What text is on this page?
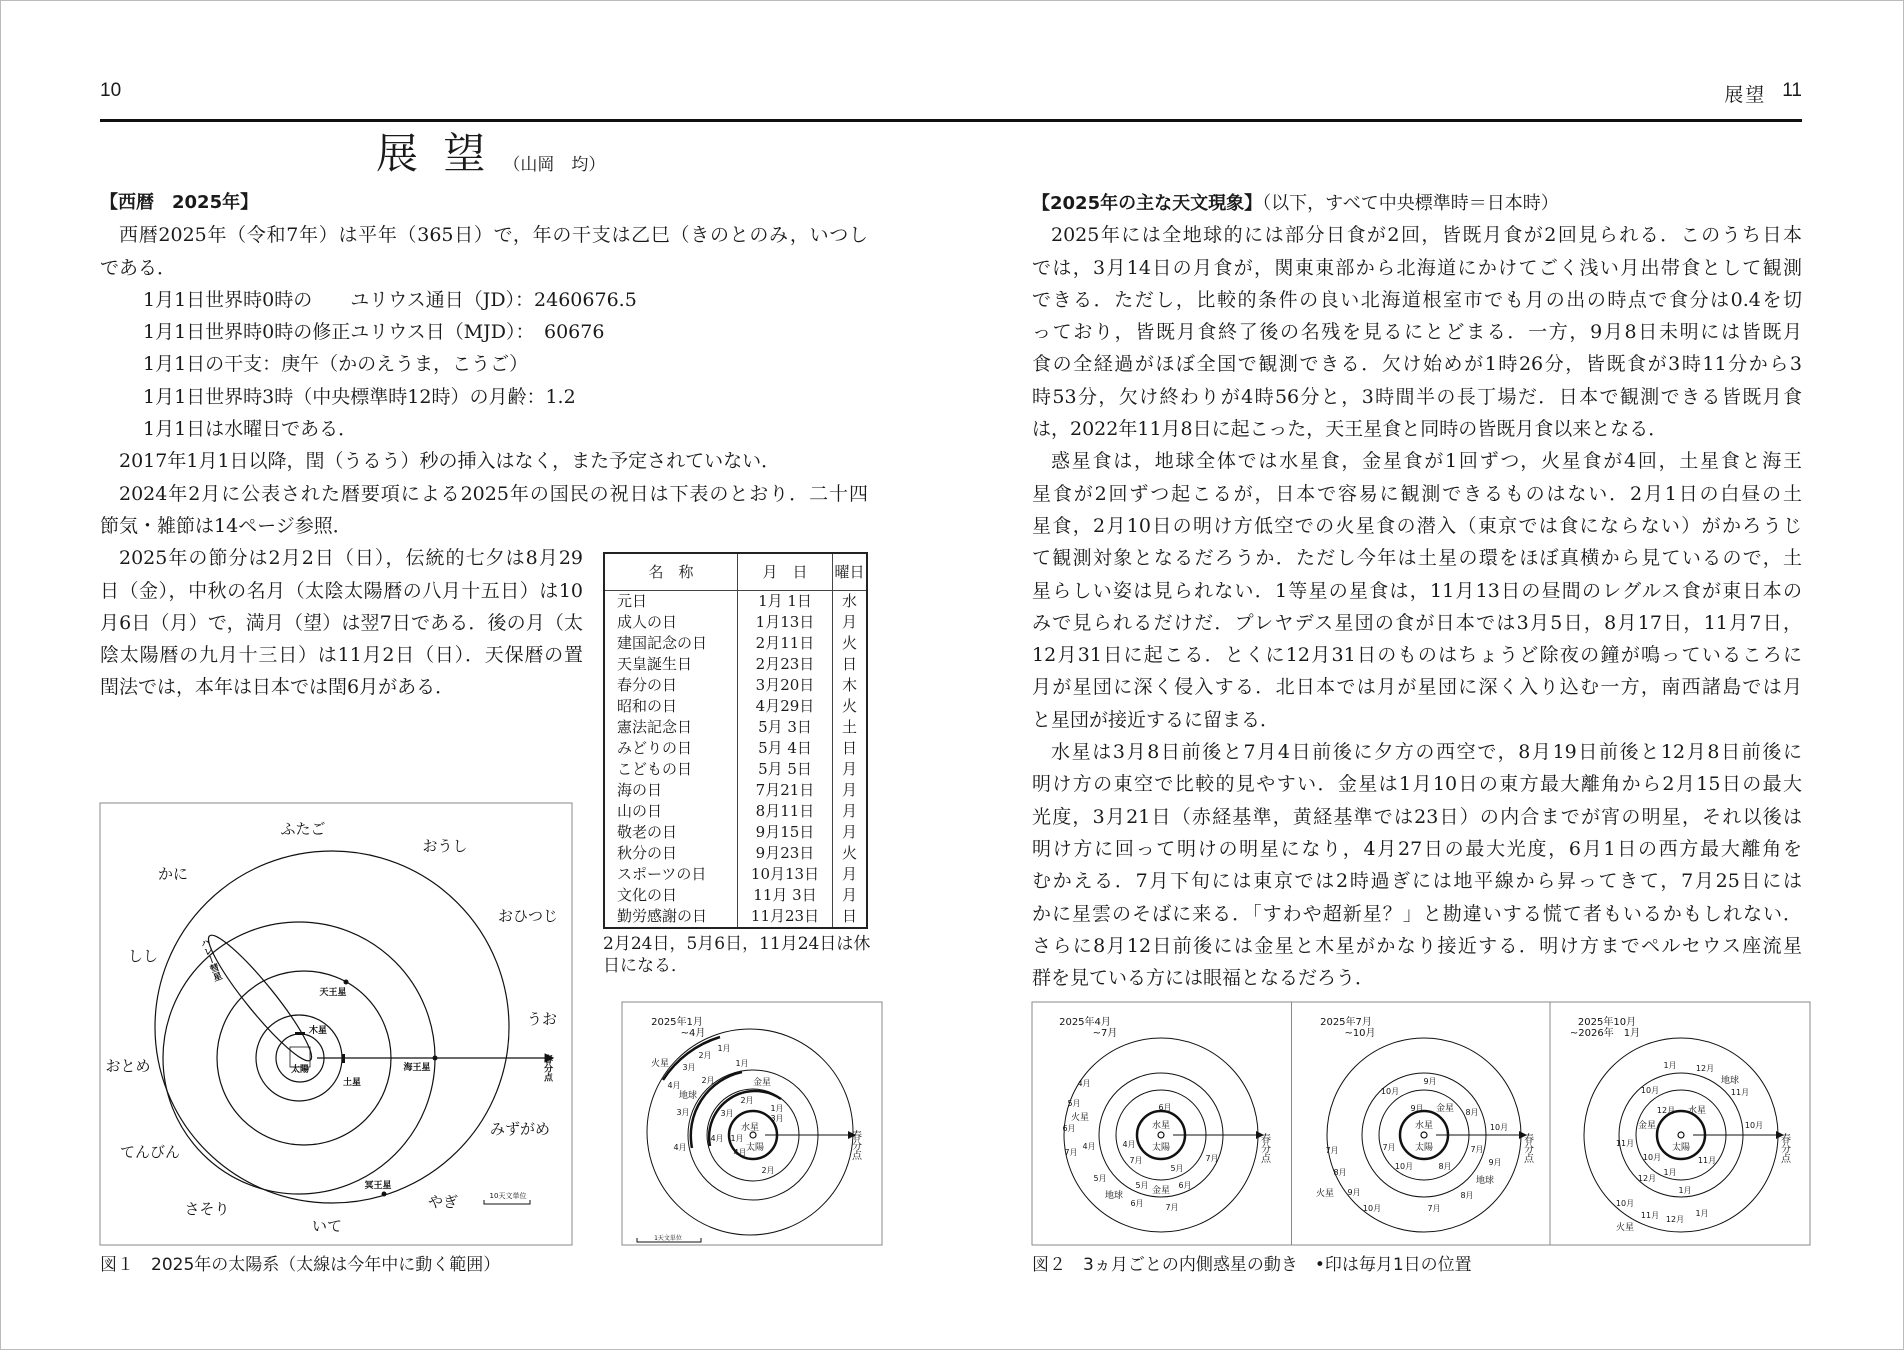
10	展望 11
展 望 （山岡　均）
【西暦　2025年】
西暦2025年（令和7年）は平年（365日）で，年の干支は乙巳（きのとのみ，いつし
である．
1月1日世界時0時の　　ユリウス通日（JD）：2460676.5
1月1日世界時0時の修正ユリウス日（MJD）：　60676
1月1日の干支：庚午（かのえうま，こうご）
1月1日世界時3時（中央標準時12時）の月齢：1.2
1月1日は水曜日である．
2017年1月1日以降，閏（うるう）秒の挿入はなく，また予定されていない．
2024年2月に公表された暦要項による2025年の国民の祝日は下表のとおり．二十四
節気・雑節は14ページ参照．
2025年の節分は2月2日（日），伝統的七夕は8月29
日（金），中秋の名月（太陰太陽暦の八月十五日）は10
月6日（月）で，満月（望）は翌7日である．後の月（太
陰太陽暦の九月十三日）は11月2日（日）．天保暦の置
閏法では，本年は日本では閏6月がある．
名　称	月　日	曜日
元日	1月 1日	水
成人の日	1月13日	月
建国記念の日	2月11日	火
天皇誕生日	2月23日	日
春分の日	3月20日	木
昭和の日	4月29日	火
憲法記念日	5月 3日	土
みどりの日	5月 4日	日
こどもの日	5月 5日	月
海の日	7月21日	月
山の日	8月11日	月
敬老の日	9月15日	月
秋分の日	9月23日	火
スポーツの日	10月13日	月
文化の日	11月 3日	月
勤労感謝の日	11月23日	日
2月24日，5月6日，11月24日は休日になる．
【2025年の主な天文現象】（以下，すべて中央標準時＝日本時）
2025年には全地球的には部分日食が2回，皆既月食が2回見られる．このうち日本
では，3月14日の月食が，関東東部から北海道にかけてごく浅い月出帯食として観測
できる．ただし，比較的条件の良い北海道根室市でも月の出の時点で食分は0.4を切
っており，皆既月食終了後の名残を見るにとどまる．一方，9月8日未明には皆既月
食の全経過がほぼ全国で観測できる．欠け始めが1時26分，皆既食が3時11分から3
時53分，欠け終わりが4時56分と，3時間半の長丁場だ．日本で観測できる皆既月食
は，2022年11月8日に起こった，天王星食と同時の皆既月食以来となる．
惑星食は，地球全体では水星食，金星食が1回ずつ，火星食が4回，土星食と海王
星食が2回ずつ起こるが，日本で容易に観測できるものはない．2月1日の白昼の土
星食，2月10日の明け方低空での火星食の潜入（東京では食にならない）がかろうじ
て観測対象となるだろうか．ただし今年は土星の環をほぼ真横から見ているので，土
星らしい姿は見られない．1等星の星食は，11月13日の昼間のレグルス食が東日本の
みで見られるだけだ．プレヤデス星団の食が日本では3月5日，8月17日，11月7日，
12月31日に起こる．とくに12月31日のものはちょうど除夜の鐘が鳴っているころに
月が星団に深く侵入する．北日本では月が星団に深く入り込む一方，南西諸島では月
と星団が接近するに留まる．
水星は3月8日前後と7月4日前後に夕方の西空で，8月19日前後と12月8日前後に
明け方の東空で比較的見やすい．金星は1月10日の東方最大離角から2月15日の最大
光度，3月21日（赤経基準，黄経基準では23日）の内合までが宵の明星，それ以後は
明け方に回って明けの明星になり，4月27日の最大光度，6月1日の西方最大離角を
むかえる．7月下旬には東京では2時過ぎには地平線から昇ってきて，7月25日には
かに星雲のそばに来る．「すわや超新星？」と勘違いする慌て者もいるかもしれない．
さらに8月12日前後には金星と木星がかなり接近する．明け方までペルセウス座流星
群を見ている方には眼福となるだろう．
ふたご
おうし
かに
おひつじ
しし
うお
おとめ
みずがめ
てんびん
やぎ
さそり
いて
天王星
木星
太陽
土星
海王星
冥王星
ハレー彗星
春分点
10天文単位
図１　2025年の太陽系（太線は今年中に動く範囲）
2025年1月
~4月
火星
地球
金星
水星
太陽	春分点
1天文単位
1月
2月
3月
4月
1月
2月
3月
4月
1月
2月
3月
4月 1月
2月
3月
4月
2025年4月
~7月
火星
水星
太陽
金星
地球
春分点
4月
5月
6月
7月
4月
5月
6月	7月
4月
5月	6月
7月
6月
7月
5月
2025年7月
~10月
火星
水星
太陽
金星
地球
春分点
7月
8月
9月
10月
10月
9月
8月
7月
9月
10月
8月
7月
9月
7月
10月	8月
2025年10月
~2026年　1月
火星
水星
太陽
金星
地球
春分点
1月 12月
11月
10月
10月
11月
12月
1月
12月
10月
1月
11月
10月
11月 12月
1月
図２　3ヵ月ごとの内側惑星の動き　•印は毎月1日の位置
